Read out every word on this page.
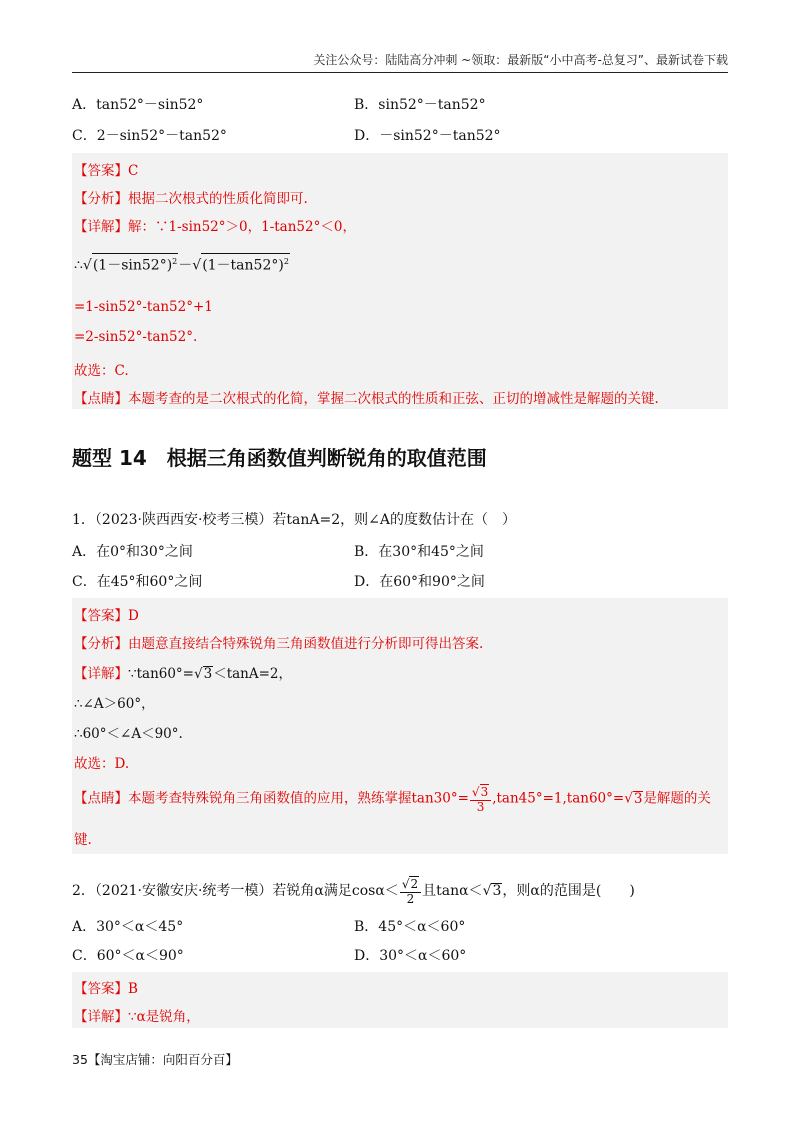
关注公众号：陆陆高分冲刺 ~领取：最新版“小中高考-总复习”、最新试卷下载
A．tan52°－sin52°	B．sin52°－tan52°
C．2－sin52°－tan52°	D．－sin52°－tan52°
【答案】C
【分析】根据二次根式的性质化简即可.
【详解】解：∵1-sin52°＞0，1-tan52°＜0，
$\therefore√(1-\sin 52^\circ)^2-√(1-\tan 52^\circ)^2$
=1-sin52°-tan52°+1
=2-sin52°-tan52°.
故选：C.
【点睛】本题考查的是二次根式的化简，掌握二次根式的性质和正弦、正切的增减性是解题的关键.
题型 14　根据三角函数值判断锐角的取值范围
1．（2023·陕西西安·校考三模）若tanA=2，则∠A的度数估计在（　）
A．在0°和30°之间	B．在30°和45°之间
C．在45°和60°之间	D．在60°和90°之间
【答案】D
【分析】由题意直接结合特殊锐角三角函数值进行分析即可得出答案.
【详解】∵tan60°=√3＜tanA=2，
∴∠A＞60°，
∴60°＜∠A＜90°.
故选：D.
【点睛】本题考查特殊锐角三角函数值的应用，熟练掌握$\tan 30^\circ= \frac{√3}{3} ,\tan 45^\circ=1,\tan 60^\circ=√3$是解题的关
键.
2．（2021·安徽安庆·统考一模）若锐角α满足$\cos\alpha< \frac{√2}{2}$ 且tanα＜√3，则α的范围是(　　)
A．30°＜α＜45°	B．45°＜α＜60°
C．60°＜α＜90°	D．30°＜α＜60°
【答案】B
【详解】∵α是锐角，
35【淘宝店铺：向阳百分百】
